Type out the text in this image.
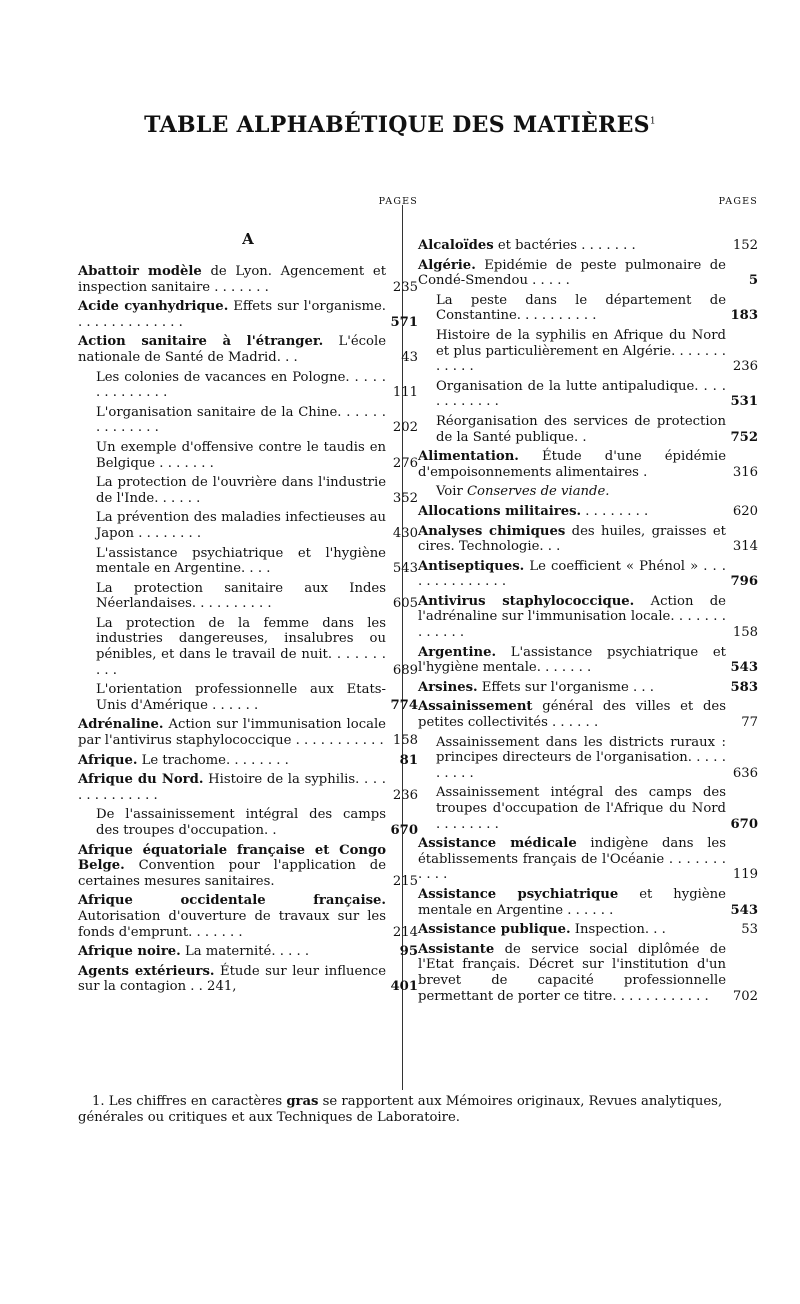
TABLE ALPHABÉTIQUE DES MATIÈRES$^1$
PAGES
A
Abattoir modèle de Lyon. Agencement et inspection sanitaire . . . . . . .	235
Acide cyanhydrique. Effets sur l'organisme. . . . . . . . . . . . . .	571
Action sanitaire à l'étranger. L'école nationale de Santé de Madrid. . .	43
Les colonies de vacances en Pologne. . . . . . . . . . . . . .	111
L'organisation sanitaire de la Chine. . . . . . . . . . . . . .	202
Un exemple d'offensive contre le taudis en Belgique . . . . . . .	276
La protection de l'ouvrière dans l'industrie de l'Inde. . . . . .	352
La prévention des maladies infectieuses au Japon . . . . . . . .	430
L'assistance psychiatrique et l'hygiène mentale en Argentine. . . .	543
La protection sanitaire aux Indes Néerlandaises. . . . . . . . . .	605
La protection de la femme dans les industries dangereuses, insalubres ou pénibles, et dans le travail de nuit. . . . . . . . . .	689
L'orientation professionnelle aux Etats-Unis d'Amérique . . . . . .	774
Adrénaline. Action sur l'immunisation locale par l'antivirus staphylococcique . . . . . . . . . . . 158
Afrique. Le trachome. . . . . . . .	81
Afrique du Nord. Histoire de la syphilis. . . . . . . . . . . . . .	236
De l'assainissement intégral des camps des troupes d'occupation. .	670
Afrique équatoriale française et Congo Belge. Convention pour l'application de certaines mesures sanitaires.	215
Afrique occidentale française. Autorisation d'ouverture de travaux sur les fonds d'emprunt. . . . . . .	214
Afrique noire. La maternité. . . . .	95
Agents extérieurs. Étude sur leur influence sur la contagion . . 241,	401
PAGES
Alcaloïdes et bactéries . . . . . . .	152
Algérie. Epidémie de peste pulmonaire de Condé-Smendou . . . . .	5
La peste dans le département de Constantine. . . . . . . . . .	183
Histoire de la syphilis en Afrique du Nord et plus particulièrement en Algérie. . . . . . . . . . . .	236
Organisation de la lutte antipaludique. . . . . . . . . . . .	531
Réorganisation des services de protection de la Santé publique. .	752
Alimentation. Étude d'une épidémie d'empoisonnements alimentaires .	316
Voir Conserves de viande.
Allocations militaires. . . . . . . . .	620
Analyses chimiques des huiles, graisses et cires. Technologie. . .	314
Antiseptiques. Le coefficient « Phénol » . . . . . . . . . . . . . .	796
Antivirus staphylococcique. Action de l'adrénaline sur l'immunisation locale. . . . . . . . . . . . .	158
Argentine. L'assistance psychiatrique et l'hygiène mentale. . . . . . .	543
Arsines. Effets sur l'organisme . . .	583
Assainissement général des villes et des petites collectivités . . . . . .	77
Assainissement dans les districts ruraux : principes directeurs de l'organisation. . . . . . . . . .	636
Assainissement intégral des camps des troupes d'occupation de l'Afrique du Nord . . . . . . . .	670
Assistance médicale indigène dans les établissements français de l'Océanie . . . . . . . . . . .	119
Assistance psychiatrique et hygiène mentale en Argentine . . . . . .	543
Assistance publique. Inspection. . .	53
Assistante de service social diplômée de l'Etat français. Décret sur l'institution d'un brevet de capacité professionnelle permettant de porter ce titre. . . . . . . . . . . .	702
1. Les chiffres en caractères gras se rapportent aux Mémoires originaux, Revues analytiques, générales ou critiques et aux Techniques de Laboratoire.
